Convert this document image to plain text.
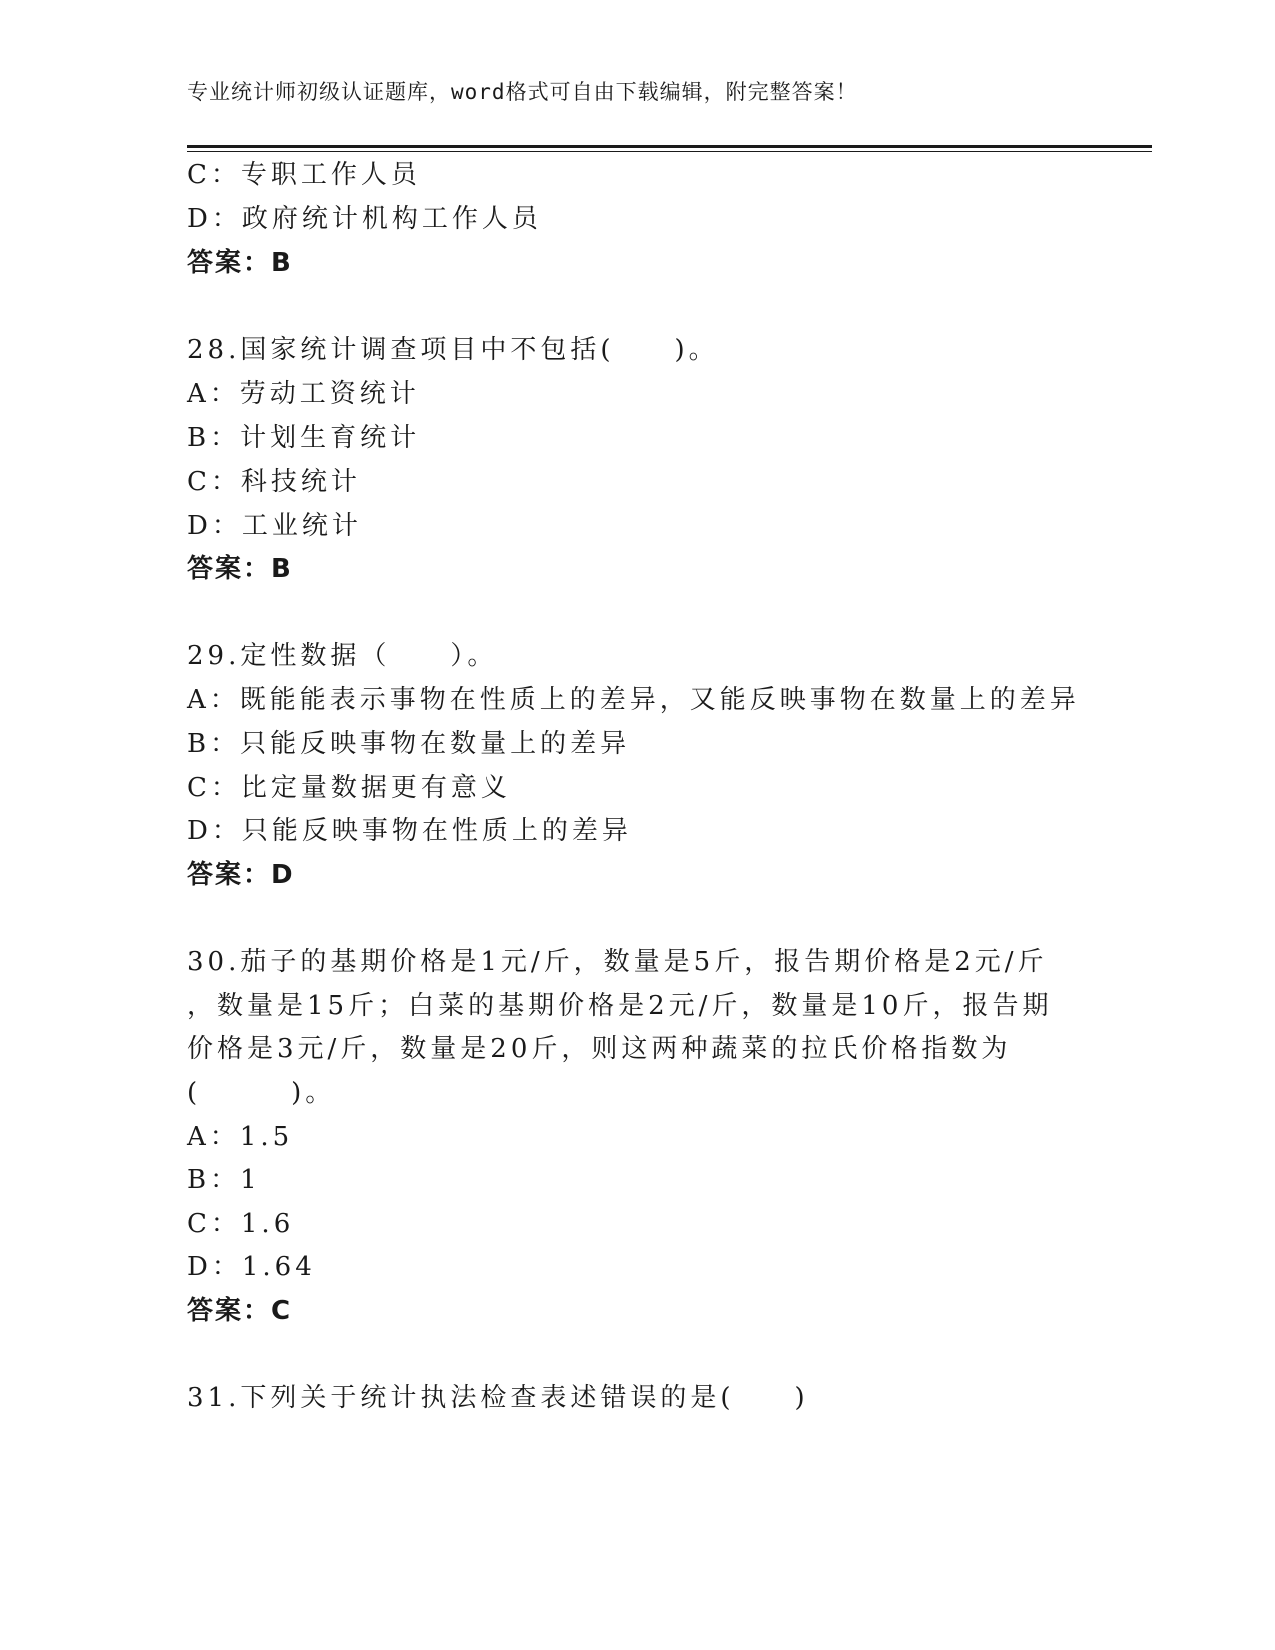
专业统计师初级认证题库，word格式可自由下载编辑，附完整答案！
C：专职工作人员
D：政府统计机构工作人员
答案：B
28.国家统计调查项目中不包括(　　)。
A：劳动工资统计
B：计划生育统计
C：科技统计
D：工业统计
答案：B
29.定性数据（　　）。
A：既能能表示事物在性质上的差异，又能反映事物在数量上的差异
B：只能反映事物在数量上的差异
C：比定量数据更有意义
D：只能反映事物在性质上的差异
答案：D
30.茄子的基期价格是1元/斤，数量是5斤，报告期价格是2元/斤
，数量是15斤；白菜的基期价格是2元/斤，数量是10斤，报告期
价格是3元/斤，数量是20斤，则这两种蔬菜的拉氏价格指数为
(　　　)。
A：1.5
B：1
C：1.6
D：1.64
答案：C
31.下列关于统计执法检查表述错误的是(　　)
